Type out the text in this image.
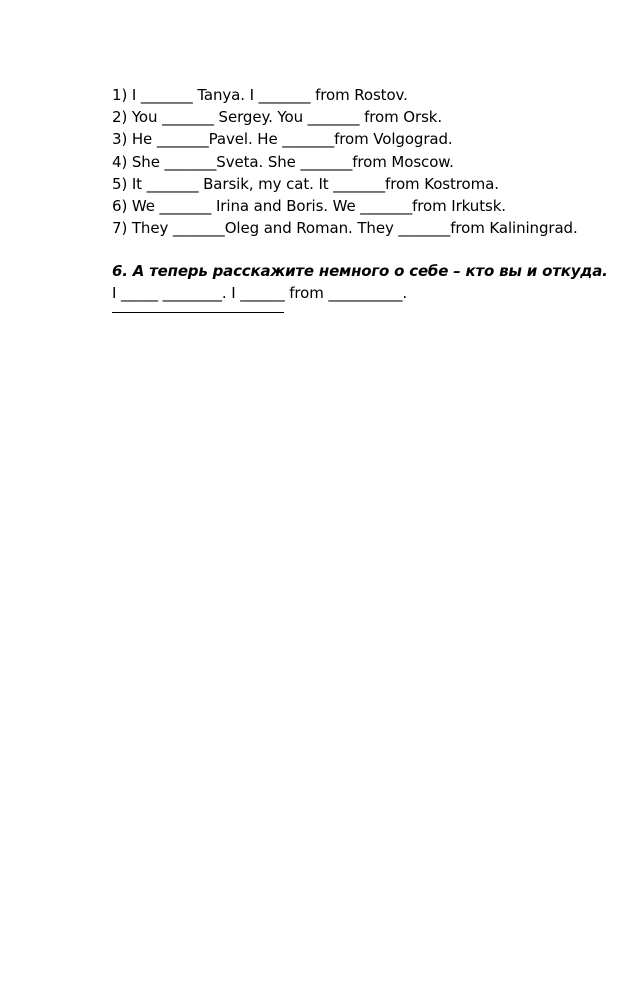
1) I _______ Tanya. I _______ from Rostov.
2) You _______ Sergey. You _______ from Orsk.
3) He _______Pavel. He _______from Volgograd.
4) She _______Sveta. She _______from Moscow.
5) It _______ Barsik, my cat. It _______from Kostroma.
6) We _______ Irina and Boris. We _______from Irkutsk.
7) They _______Oleg and Roman. They _______from Kaliningrad.
6. А теперь расскажите немного о себе – кто вы и откуда.
I _____ ________. I ______ from __________.
